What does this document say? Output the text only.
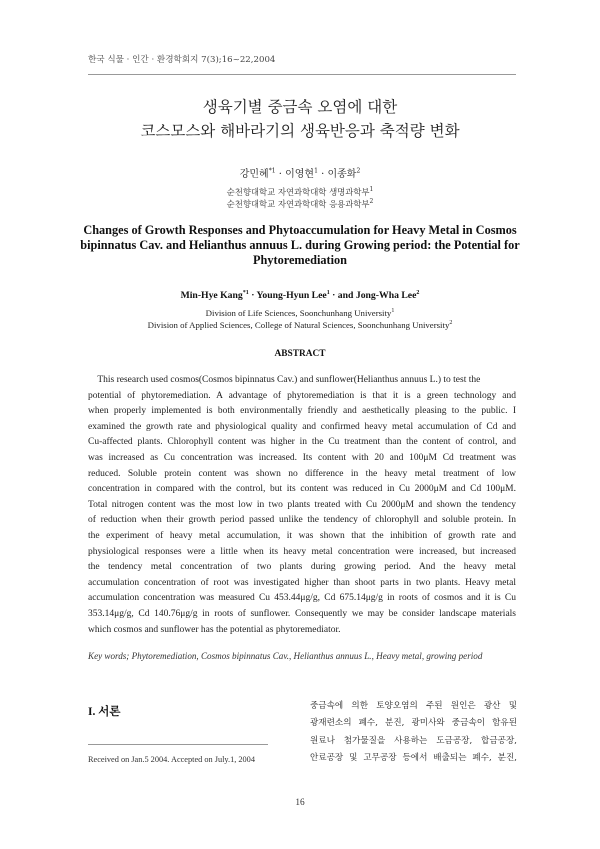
한국 식물 · 인간 · 환경학회지 7(3);16~22,2004
생육기별 중금속 오염에 대한
코스모스와 해바라기의 생육반응과 축적량 변화
강민혜$^{*1}$ · 이영현$^1$ · 이종화$^2$
순천향대학교 자연과학대학 생명과학부$^1$
순천향대학교 자연과학대학 응용과학부$^2$
Changes of Growth Responses and Phytoaccumulation for Heavy Metal in Cosmos bipinnatus Cav. and Helianthus annuus L. during Growing period: the Potential for Phytoremediation
Min-Hye Kang$^{*1}$ · Young-Hyun Lee$^1$ · and Jong-Wha Lee$^2$
Division of Life Sciences, Soonchunhang University$^1$
Division of Applied Sciences, College of Natural Sciences, Soonchunhang University$^2$
ABSTRACT
This research used cosmos(Cosmos bipinnatus Cav.) and sunflower(Helianthus annuus L.) to test the
potential of phytoremediation. A advantage of phytoremediation is that it is a green technology and
when properly implemented is both environmentally friendly and aesthetically pleasing to the public. I
examined the growth rate and physiological quality and confirmed heavy metal accumulation of Cd and
Cu-affected plants. Chlorophyll content was higher in the Cu treatment than the content of control, and
was increased as Cu concentration was increased. Its content with 20 and 100μM Cd treatment was
reduced. Soluble protein content was shown no difference in the heavy metal treatment of low
concentration in compared with the control, but its content was reduced in Cu 2000μM and Cd 100μM.
Total nitrogen content was the most low in two plants treated with Cu 2000μM and shown the tendency
of reduction when their growth period passed unlike the tendency of chlorophyll and soluble protein. In
the experiment of heavy metal accumulation, it was shown that the inhibition of growth rate and
physiological responses were a little when its heavy metal concentration were increased, but increased
the tendency metal concentration of two plants during growing period. And the heavy metal
accumulation concentration of root was investigated higher than shoot parts in two plants. Heavy metal
accumulation concentration was measured Cu 453.44μg/g, Cd 675.14μg/g in roots of cosmos and it is Cu
353.14μg/g, Cd 140.76μg/g in roots of sunflower. Consequently we may be consider landscape materials
which cosmos and sunflower has the potential as phytoremediator.
Key words; Phytoremediation, Cosmos bipinnatus Cav., Helianthus annuus L., Heavy metal, growing period
I. 서론
Received on Jan.5 2004. Accepted on July.1, 2004
중금속에 의한 토양오염의 주된 원인은 광산 및
광재련소의 폐수, 분진, 광미사와 중금속이 함유된
원료나 첨가물질을 사용하는 도금공장, 합금공장,
안료공장 및 고무공장 등에서 배출되는 폐수, 분진,
16
